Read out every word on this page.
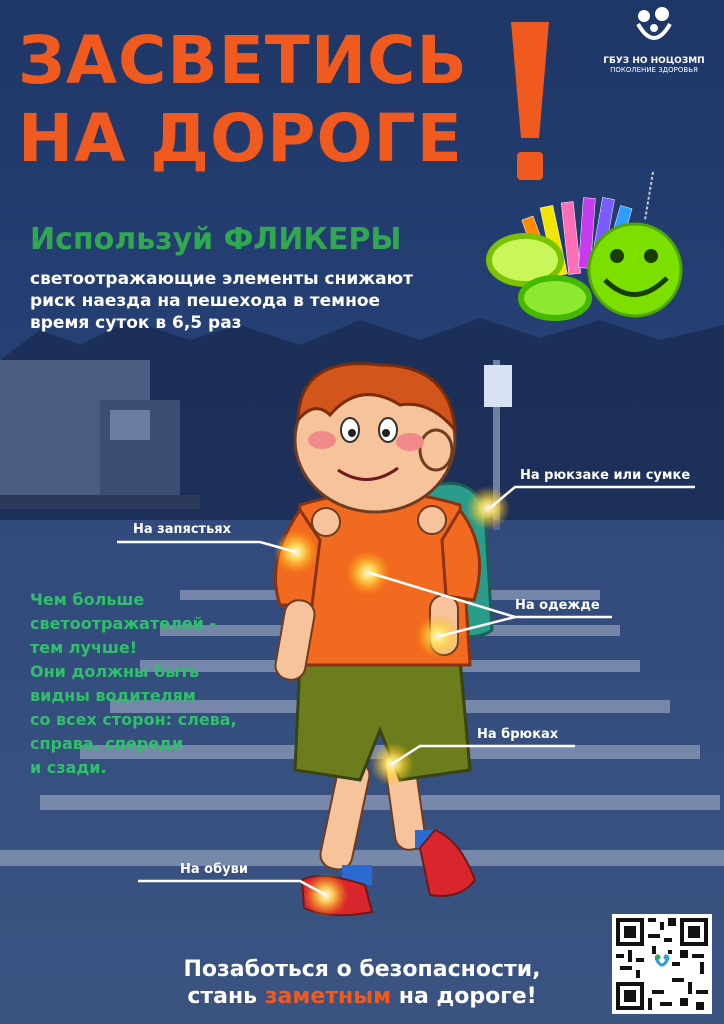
ЗАСВЕТИСЬ
НА ДОРОГЕ
ГБУЗ НО НОЦОЗМП
ПОКОЛЕНИЕ ЗДОРОВЬЯ
Используй ФЛИКЕРЫ
светоотражающие элементы снижают
риск наезда на пешехода в темное
время суток в 6,5 раз
На рюкзаке или сумке
На запястьях
На одежде
На брюках
На обуви
Чем больше
светоотражателей -
тем лучше!
Они должны быть
видны водителям
со всех сторон: слева,
справа, спереди
и сзади.
Позаботься о безопасности,
стань заметным на дороге!
